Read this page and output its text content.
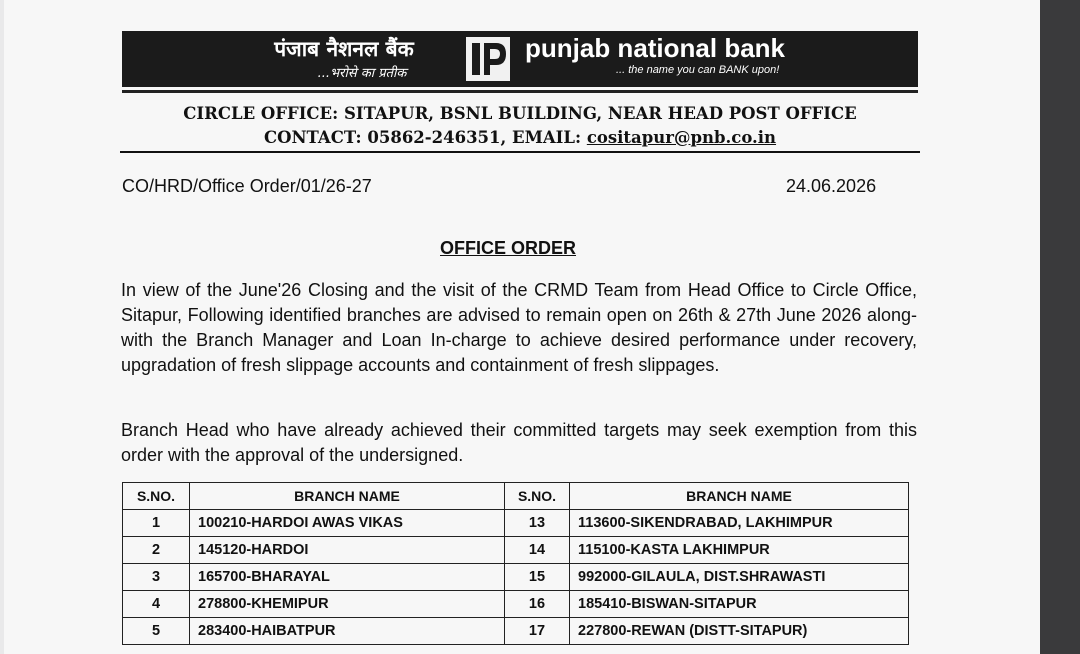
पंजाब नैशनल बैंक
...भरोसे का प्रतीक
punjab national bank
... the name you can BANK upon!
CIRCLE OFFICE: SITAPUR, BSNL BUILDING, NEAR HEAD POST OFFICE
CONTACT: 05862-246351, EMAIL: cositapur@pnb.co.in
CO/HRD/Office Order/01/26-27	24.06.2026
OFFICE ORDER
In view of the June'26 Closing and the visit of the CRMD Team from Head Office to Circle Office, Sitapur, Following identified branches are advised to remain open on 26th & 27th June 2026 along-with the Branch Manager and Loan In-charge to achieve desired performance under recovery, upgradation of fresh slippage accounts and containment of fresh slippages.
Branch Head who have already achieved their committed targets may seek exemption from this order with the approval of the undersigned.
S.NO.	BRANCH NAME	S.NO.	BRANCH NAME
1	100210-HARDOI AWAS VIKAS	13	113600-SIKENDRABAD, LAKHIMPUR
2	145120-HARDOI	14	115100-KASTA LAKHIMPUR
3	165700-BHARAYAL	15	992000-GILAULA, DIST.SHRAWASTI
4	278800-KHEMIPUR	16	185410-BISWAN-SITAPUR
5	283400-HAIBATPUR	17	227800-REWAN (DISTT-SITAPUR)
